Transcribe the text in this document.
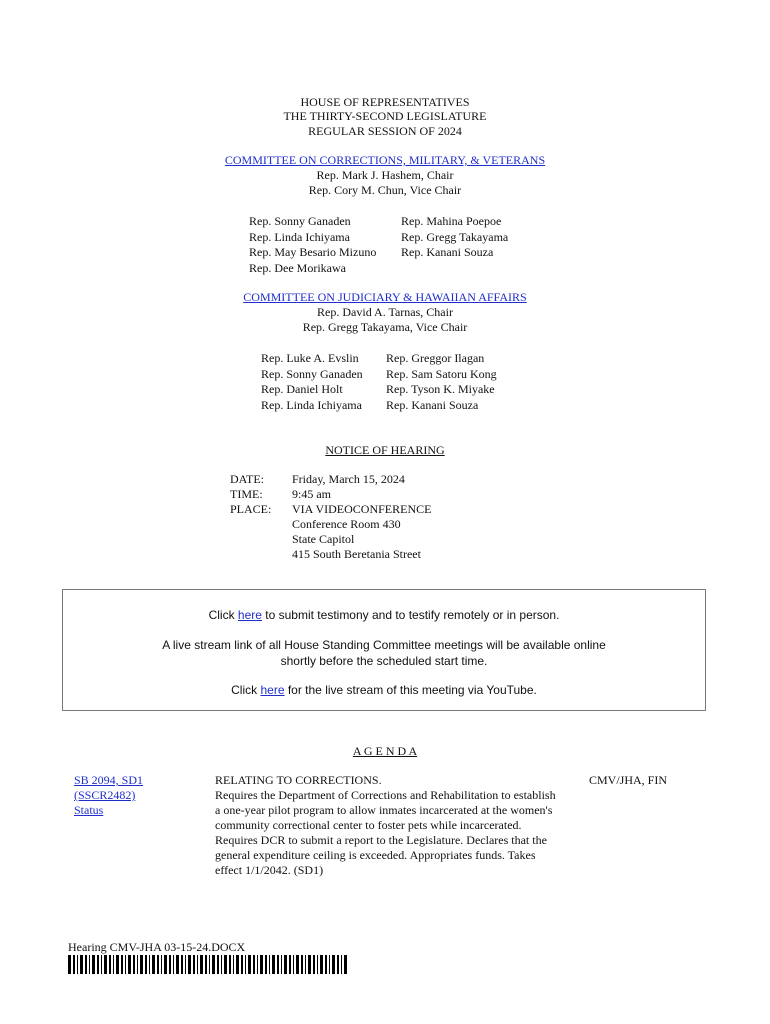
HOUSE OF REPRESENTATIVES
THE THIRTY-SECOND LEGISLATURE
REGULAR SESSION OF 2024
COMMITTEE ON CORRECTIONS, MILITARY, & VETERANS
Rep. Mark J. Hashem, Chair
Rep. Cory M. Chun, Vice Chair
Rep. Sonny Ganaden
Rep. Linda Ichiyama
Rep. May Besario Mizuno
Rep. Dee Morikawa
Rep. Mahina Poepoe
Rep. Gregg Takayama
Rep. Kanani Souza
COMMITTEE ON JUDICIARY & HAWAIIAN AFFAIRS
Rep. David A. Tarnas, Chair
Rep. Gregg Takayama, Vice Chair
Rep. Luke A. Evslin
Rep. Sonny Ganaden
Rep. Daniel Holt
Rep. Linda Ichiyama
Rep. Greggor Ilagan
Rep. Sam Satoru Kong
Rep. Tyson K. Miyake
Rep. Kanani Souza
NOTICE OF HEARING
DATE:	Friday, March 15, 2024
TIME:	9:45 am
PLACE:	VIA VIDEOCONFERENCE
Conference Room 430
State Capitol
415 South Beretania Street
Click here to submit testimony and to testify remotely or in person.
A live stream link of all House Standing Committee meetings will be available online
shortly before the scheduled start time.
Click here for the live stream of this meeting via YouTube.
A G E N D A
SB 2094, SD1
(SSCR2482)
Status
RELATING TO CORRECTIONS.
Requires the Department of Corrections and Rehabilitation to establish
a one-year pilot program to allow inmates incarcerated at the women's
community correctional center to foster pets while incarcerated.
Requires DCR to submit a report to the Legislature. Declares that the
general expenditure ceiling is exceeded. Appropriates funds. Takes
effect 1/1/2042. (SD1)
CMV/JHA, FIN
Hearing CMV-JHA 03-15-24.DOCX
